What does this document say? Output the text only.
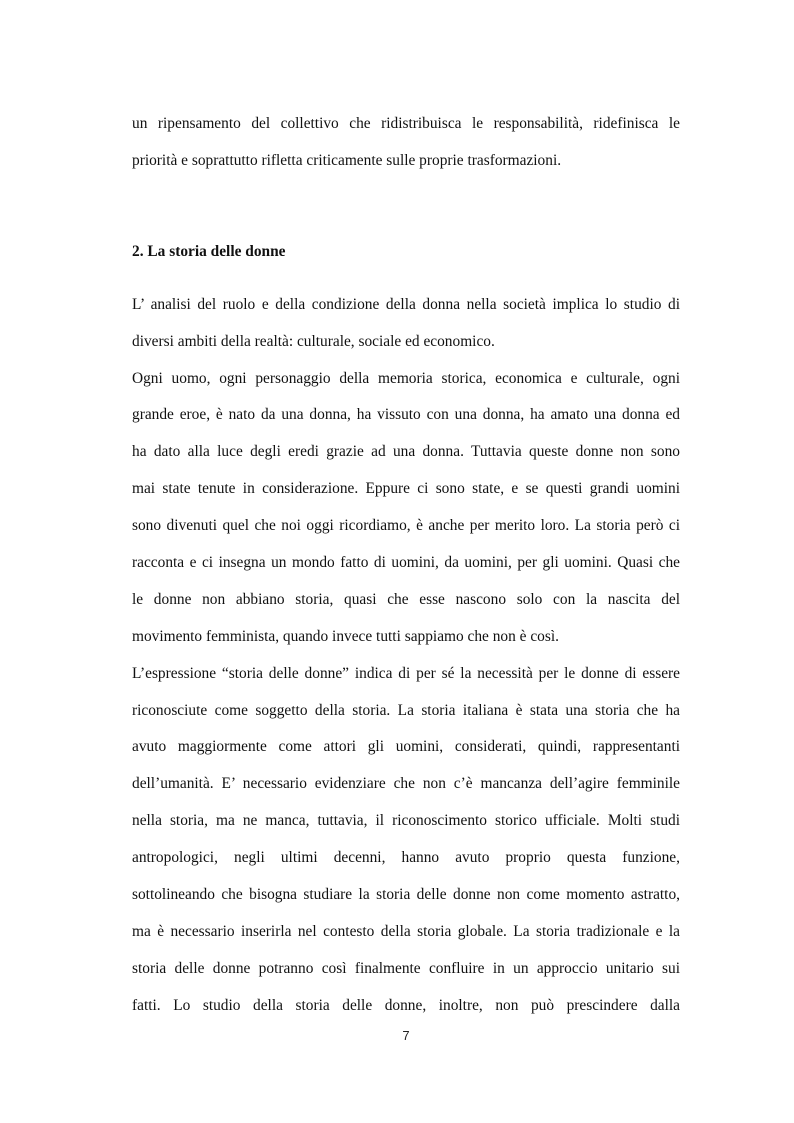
un ripensamento del collettivo che ridistribuisca le responsabilità, ridefinisca le

priorità e soprattutto rifletta criticamente sulle proprie trasformazioni.

2. La storia delle donne

L’ analisi del ruolo e della condizione della donna nella società implica lo studio di

diversi ambiti della realtà: culturale, sociale ed economico.

Ogni uomo, ogni personaggio della memoria storica, economica e culturale, ogni

grande eroe, è nato da una donna, ha vissuto con una donna, ha amato una donna ed

ha dato alla luce degli eredi grazie ad una donna. Tuttavia queste donne non sono

mai state tenute in considerazione. Eppure ci sono state, e se questi grandi uomini

sono divenuti quel che noi oggi ricordiamo, è anche per merito loro. La storia però ci

racconta e ci insegna un mondo fatto di uomini, da uomini, per gli uomini. Quasi che

le donne non abbiano storia, quasi che esse nascono solo con la nascita del

movimento femminista, quando invece tutti sappiamo che non è così.

L’espressione “storia delle donne” indica di per sé la necessità per le donne di essere

riconosciute come soggetto della storia. La storia italiana è stata una storia che ha

avuto maggiormente come attori gli uomini, considerati, quindi, rappresentanti

dell’umanità. E’ necessario evidenziare che non c’è mancanza dell’agire femminile

nella storia, ma ne manca, tuttavia, il riconoscimento storico ufficiale. Molti studi

antropologici, negli ultimi decenni, hanno avuto proprio questa funzione,

sottolineando che bisogna studiare la storia delle donne non come momento astratto,

ma è necessario inserirla nel contesto della storia globale. La storia tradizionale e la

storia delle donne potranno così finalmente confluire in un approccio unitario sui

fatti. Lo studio della storia delle donne, inoltre, non può prescindere dalla

7
